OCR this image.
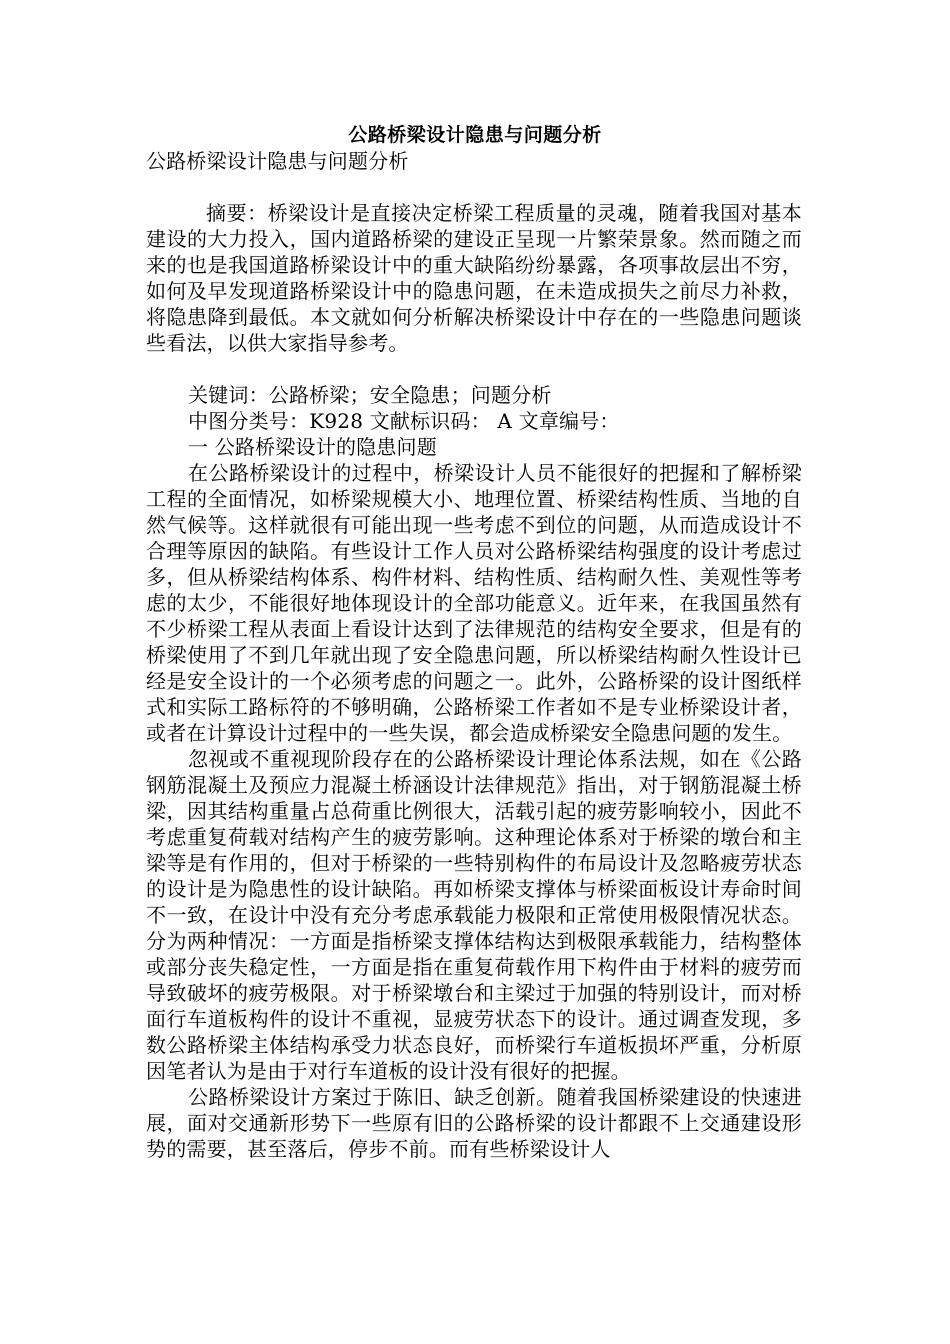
公路桥梁设计隐患与问题分析

公路桥梁设计隐患与问题分析

摘要：桥梁设计是直接决定桥梁工程质量的灵魂，随着我国对基本建设的大力投入，国内道路桥梁的建设正呈现一片繁荣景象。然而随之而来的也是我国道路桥梁设计中的重大缺陷纷纷暴露，各项事故层出不穷，如何及早发现道路桥梁设计中的隐患问题，在未造成损失之前尽力补救，将隐患降到最低。本文就如何分析解决桥梁设计中存在的一些隐患问题谈些看法，以供大家指导参考。

关键词：公路桥梁；安全隐患；问题分析

中图分类号：K928 文献标识码： A 文章编号：

一 公路桥梁设计的隐患问题

在公路桥梁设计的过程中，桥梁设计人员不能很好的把握和了解桥梁工程的全面情况，如桥梁规模大小、地理位置、桥梁结构性质、当地的自然气候等。这样就很有可能出现一些考虑不到位的问题，从而造成设计不合理等原因的缺陷。有些设计工作人员对公路桥梁结构强度的设计考虑过多，但从桥梁结构体系、构件材料、结构性质、结构耐久性、美观性等考虑的太少，不能很好地体现设计的全部功能意义。近年来，在我国虽然有不少桥梁工程从表面上看设计达到了法律规范的结构安全要求，但是有的桥梁使用了不到几年就出现了安全隐患问题，所以桥梁结构耐久性设计已经是安全设计的一个必须考虑的问题之一。此外，公路桥梁的设计图纸样式和实际工路标符的不够明确，公路桥梁工作者如不是专业桥梁设计者，或者在计算设计过程中的一些失误，都会造成桥梁安全隐患问题的发生。

忽视或不重视现阶段存在的公路桥梁设计理论体系法规，如在《公路钢筋混凝土及预应力混凝土桥涵设计法律规范》指出，对于钢筋混凝土桥梁，因其结构重量占总荷重比例很大，活载引起的疲劳影响较小，因此不考虑重复荷载对结构产生的疲劳影响。这种理论体系对于桥梁的墩台和主梁等是有作用的，但对于桥梁的一些特别构件的布局设计及忽略疲劳状态的设计是为隐患性的设计缺陷。再如桥梁支撑体与桥梁面板设计寿命时间不一致，在设计中没有充分考虑承载能力极限和正常使用极限情况状态。分为两种情况：一方面是指桥梁支撑体结构达到极限承载能力，结构整体或部分丧失稳定性，一方面是指在重复荷载作用下构件由于材料的疲劳而导致破坏的疲劳极限。对于桥梁墩台和主梁过于加强的特别设计，而对桥面行车道板构件的设计不重视，显疲劳状态下的设计。通过调查发现，多数公路桥梁主体结构承受力状态良好，而桥梁行车道板损坏严重，分析原因笔者认为是由于对行车道板的设计没有很好的把握。

公路桥梁设计方案过于陈旧、缺乏创新。随着我国桥梁建设的快速进展，面对交通新形势下一些原有旧的公路桥梁的设计都跟不上交通建设形势的需要，甚至落后，停步不前。而有些桥梁设计人
